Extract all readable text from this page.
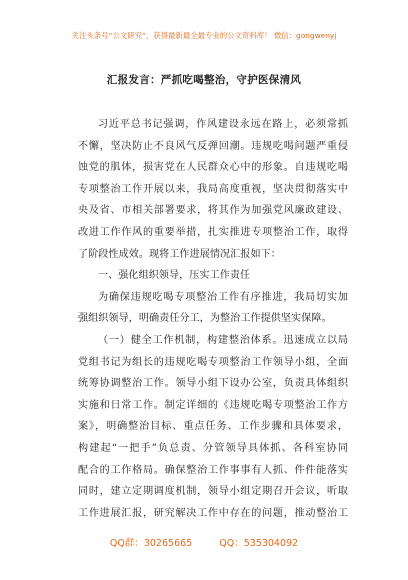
关注头条号“公文研究”，获得最新最全最专业的公文资料库！ 微信：gongwenyj
汇报发言：严抓吃喝整治，守护医保清风
习近平总书记强调，作风建设永远在路上，必须常抓
不懈，坚决防止不良风气反弹回潮。违规吃喝问题严重侵
蚀党的肌体，损害党在人民群众心中的形象。自违规吃喝
专项整治工作开展以来，我局高度重视，坚决贯彻落实中
央及省、市相关部署要求，将其作为加强党风廉政建设、
改进工作作风的重要举措，扎实推进专项整治工作，取得
了阶段性成效。现将工作进展情况汇报如下：
一、强化组织领导，压实工作责任
为确保违规吃喝专项整治工作有序推进，我局切实加
强组织领导，明确责任分工，为整治工作提供坚实保障。
（一）健全工作机制，构建整治体系。迅速成立以局
党组书记为组长的违规吃喝专项整治工作领导小组，全面
统筹协调整治工作。领导小组下设办公室，负责具体组织
实施和日常工作。制定详细的《违规吃喝专项整治工作方
案》，明确整治目标、重点任务、工作步骤和具体要求，
构建起“一把手”负总责、分管领导具体抓、各科室协同
配合的工作格局。确保整治工作事事有人抓、件件能落实
同时，建立定期调度机制，领导小组定期召开会议，听取
工作进展汇报，研究解决工作中存在的问题，推动整治工
QQ群：30265665	QQ：535304092
